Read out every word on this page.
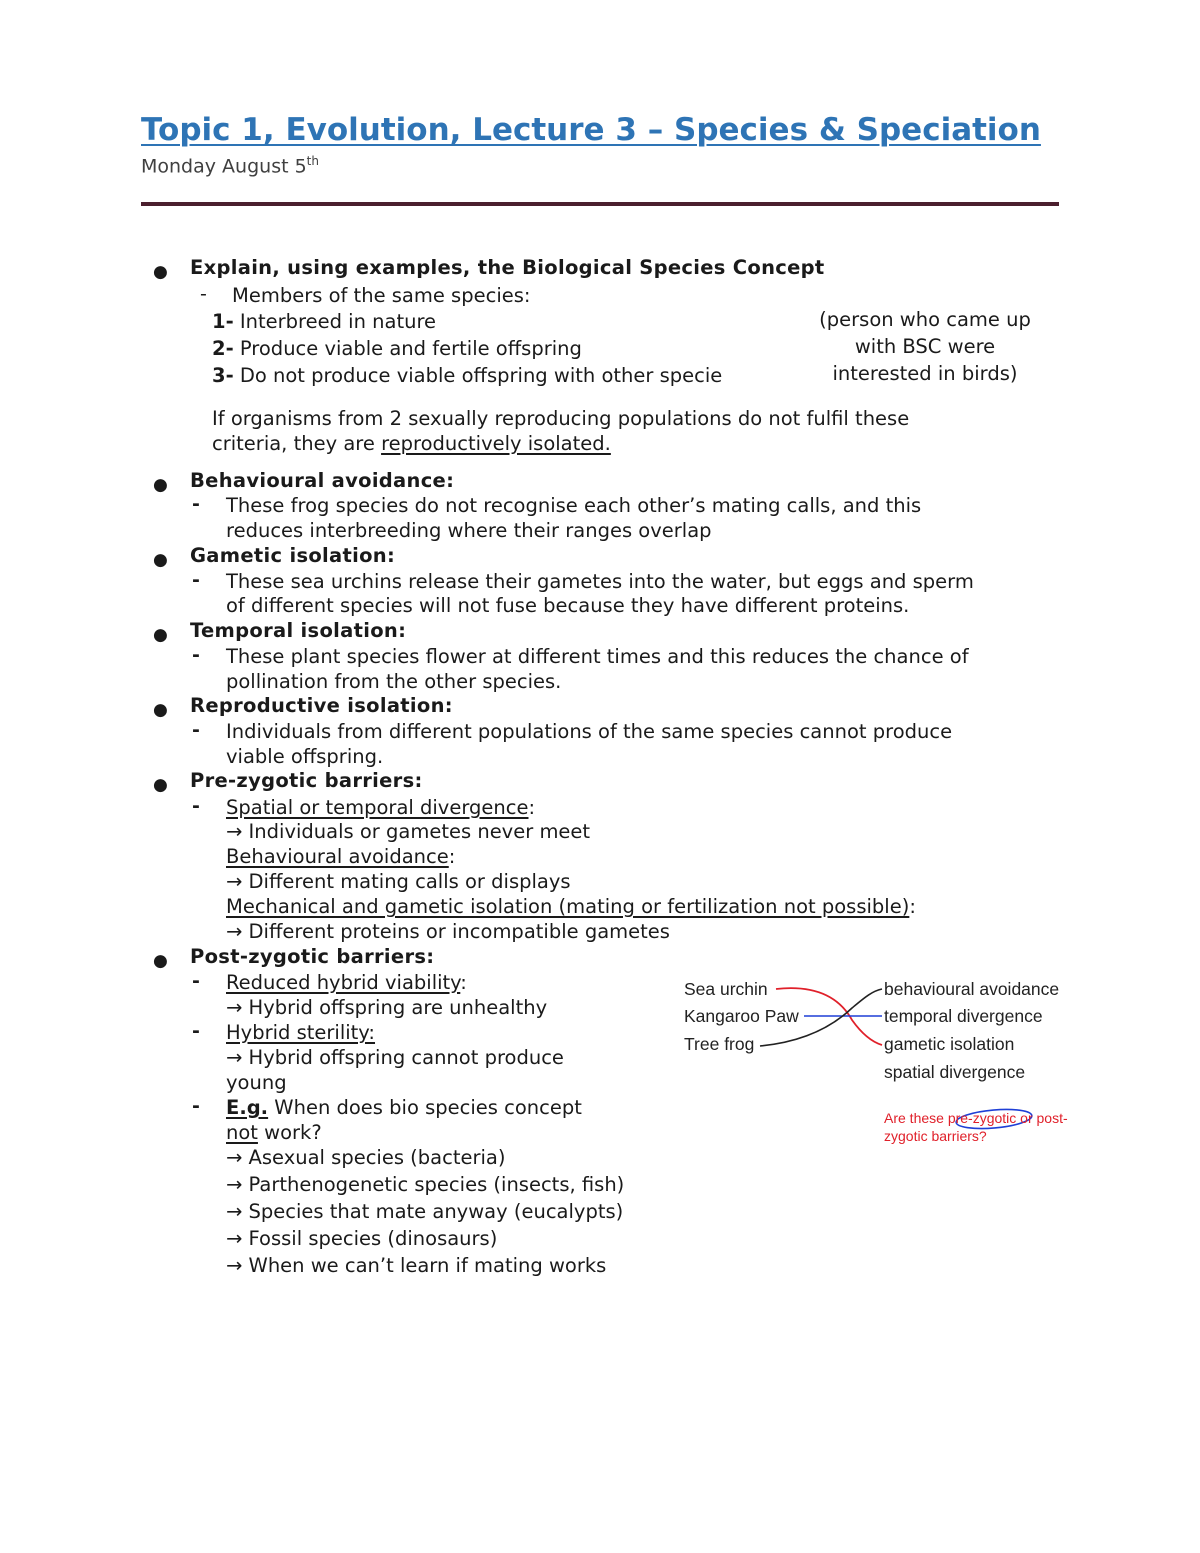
Topic 1, Evolution, Lecture 3 – Species & Speciation
Monday August 5th
● Explain, using examples, the Biological Species Concept
- Members of the same species:
1- Interbreed in nature
2- Produce viable and fertile offspring
3- Do not produce viable offspring with other specie
(person who came up
with BSC were
interested in birds)
If organisms from 2 sexually reproducing populations do not fulfil these
criteria, they are reproductively isolated.
● Behavioural avoidance:
- These frog species do not recognise each other’s mating calls, and this
reduces interbreeding where their ranges overlap
● Gametic isolation:
- These sea urchins release their gametes into the water, but eggs and sperm
of different species will not fuse because they have different proteins.
● Temporal isolation:
- These plant species flower at different times and this reduces the chance of
pollination from the other species.
● Reproductive isolation:
- Individuals from different populations of the same species cannot produce
viable offspring.
● Pre-zygotic barriers:
- Spatial or temporal divergence:
→ Individuals or gametes never meet
Behavioural avoidance:
→ Different mating calls or displays
Mechanical and gametic isolation (mating or fertilization not possible):
→ Different proteins or incompatible gametes
● Post-zygotic barriers:
- Reduced hybrid viability:
→ Hybrid offspring are unhealthy
- Hybrid sterility:
→ Hybrid offspring cannot produce
young
- E.g. When does bio species concept
not work?
→ Asexual species (bacteria)
→ Parthenogenetic species (insects, fish)
→ Species that mate anyway (eucalypts)
→ Fossil species (dinosaurs)
→ When we can’t learn if mating works
Sea urchin
Kangaroo Paw
Tree frog
behavioural avoidance
temporal divergence
gametic isolation
spatial divergence
Are these pre-zygotic or post-
zygotic barriers?
